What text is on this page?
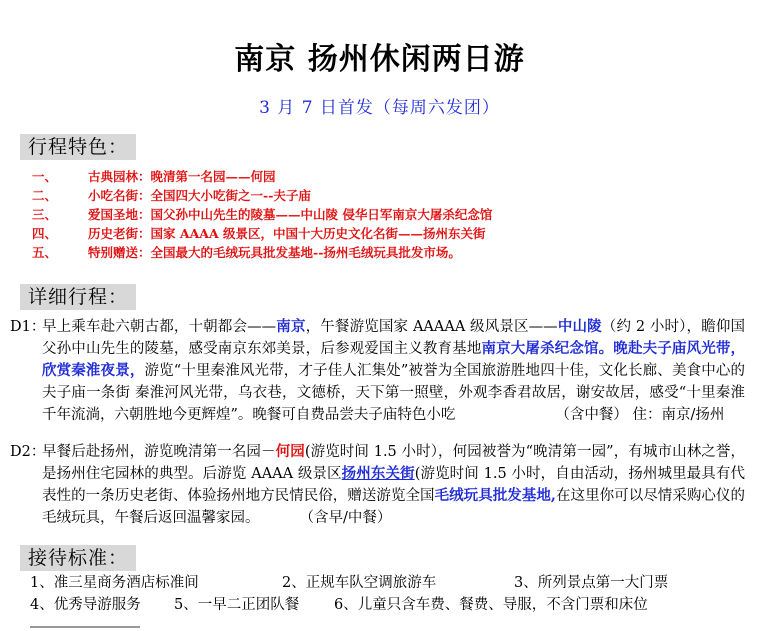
南京 扬州休闲两日游
3 月 7 日首发（每周六发团）
行程特色：
一、 古典园林：晚清第一名园——何园
二、 小吃名街：全国四大小吃街之一--夫子庙
三、 爱国圣地：国父孙中山先生的陵墓——中山陵 侵华日军南京大屠杀纪念馆
四、 历史老街：国家 AAAA 级景区，中国十大历史文化名街——扬州东关街
五、 特别赠送：全国最大的毛绒玩具批发基地--扬州毛绒玩具批发市场。
详细行程：
D1：
早上乘车赴六朝古都，十朝都会——南京，午餐游览国家 AAAAA 级风景区——中山陵（约 2 小时），瞻仰国父孙中山先生的陵墓，感受南京东郊美景，后参观爱国主义教育基地南京大屠杀纪念馆。晚赴夫子庙风光带，欣赏秦淮夜景，游览“十里秦淮风光带，才子佳人汇集处”被誉为全国旅游胜地四十佳，文化长廊、美食中心的夫子庙一条街 秦淮河风光带，乌衣巷，文德桥，天下第一照壁，外观李香君故居，谢安故居，感受“十里秦淮千年流淌，六朝胜地今更辉煌”。晚餐可自费品尝夫子庙特色小吃	（含中餐） 住：南京/扬州
D2：
早餐后赴扬州，游览晚清第一名园－何园(游览时间 1.5 小时），何园被誉为“晚清第一园”，有城市山林之誉，是扬州住宅园林的典型。后游览 AAAA 级景区扬州东关街(游览时间 1.5 小时，自由活动，扬州城里最具有代表性的一条历史老街、体验扬州地方民情民俗，赠送游览全国毛绒玩具批发基地,在这里你可以尽情采购心仪的毛绒玩具，午餐后返回温馨家园。	（含早/中餐）
接待标准：
1、准三星商务酒店标准间	2、正规车队空调旅游车	3、所列景点第一大门票
4、优秀导游服务 5、一早二正团队餐 6、儿童只含车费、餐费、导服，不含门票和床位
